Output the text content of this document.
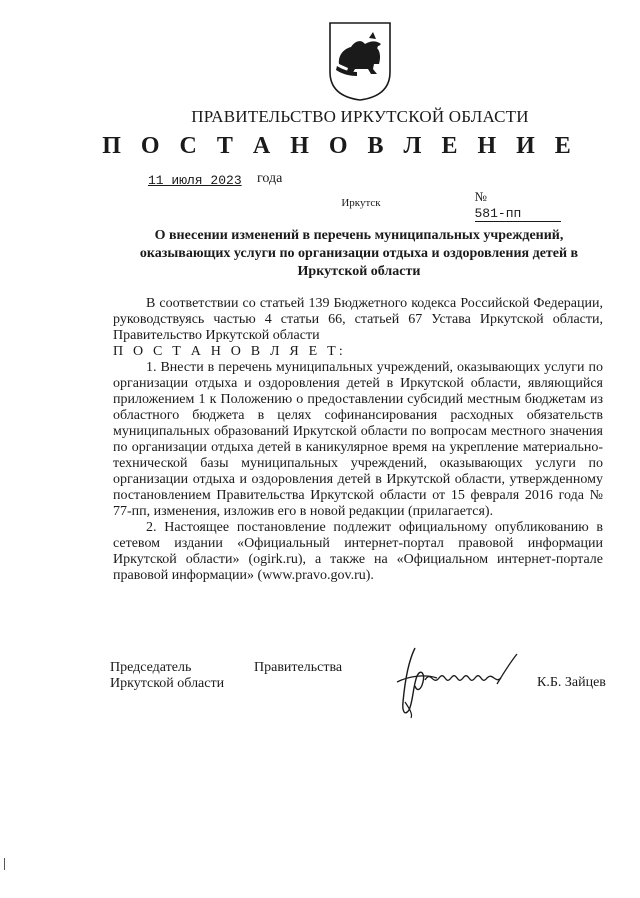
ПРАВИТЕЛЬСТВО ИРКУТСКОЙ ОБЛАСТИ
П О С Т А Н О В Л Е Н И Е
11 июля 2023 года

№
581-пп

Иркутск
О внесении изменений в перечень муниципальных учреждений, оказывающих услуги по организации отдыха и оздоровления детей в Иркутской области

В соответствии со статьей 139 Бюджетного кодекса Российской Федерации, руководствуясь частью 4 статьи 66, статьей 67 Устава Иркутской области, Правительство Иркутской области

П О С Т А Н О В Л Я Е Т:

1. Внести в перечень муниципальных учреждений, оказывающих услуги по организации отдыха и оздоровления детей в Иркутской области, являющийся приложением 1 к Положению о предоставлении субсидий местным бюджетам из областного бюджета в целях софинансирования расходных обязательств муниципальных образований Иркутской области по вопросам местного значения по организации отдыха детей в каникулярное время на укрепление материально-технической базы муниципальных учреждений, оказывающих услуги по организации отдыха и оздоровления детей в Иркутской области, утвержденному постановлением Правительства Иркутской области от 15 февраля 2016 года № 77-пп, изменения, изложив его в новой редакции (прилагается).

2. Настоящее постановление подлежит официальному опубликованию в сетевом издании «Официальный интернет-портал правовой информации Иркутской области» (ogirk.ru), а также на «Официальном интернет-портале правовой информации» (www.pravo.gov.ru).

Председатель
Иркутской области
Правительства
К.Б. Зайцев
